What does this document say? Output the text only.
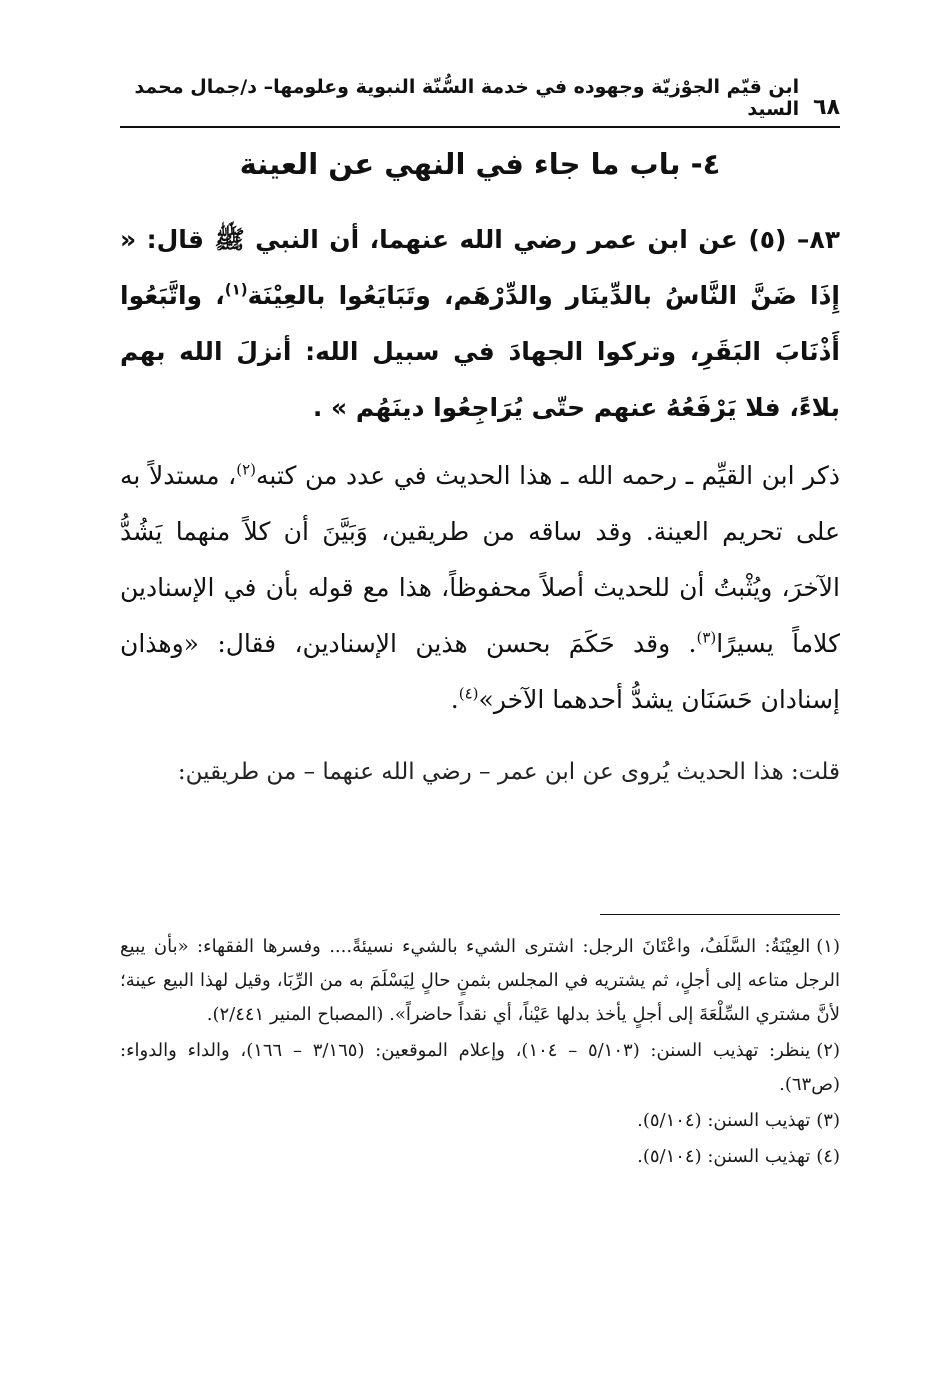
٦٨
ابن قيّم الجوْزيّة وجهوده في خدمة السُّنّة النبوية وعلومها– د/جمال محمد السيد
٤- باب ما جاء في النهي عن العينة

٨٣– (٥) عن ابن عمر رضي الله عنهما، أن النبي ﷺ قال: « إِذَا ضَنَّ النَّاسُ بالدِّينَار والدِّرْهَم، وتَبَايَعُوا بالعِيْنَة$^{(١)}$، واتَّبَعُوا أَذْنَابَ البَقَرِ، وتركوا الجهادَ في سبيل الله: أنزلَ الله بهم بلاءً، فلا يَرْفَعُهُ عنهم حتّى يُرَاجِعُوا دينَهُم » .

ذكر ابن القيِّم ـ رحمه الله ـ هذا الحديث في عدد من كتبه$^{(٢)}$، مستدلاً به على تحريم العينة. وقد ساقه من طريقين، وَبَيَّنَ أن كلاً منهما يَشُدُّ الآخرَ، ويُثْبتُ أن للحديث أصلاً محفوظاً، هذا مع قوله بأن في الإسنادين كلاماً يسيرًا$^{(٣)}$. وقد حَكَمَ بحسن هذين الإسنادين، فقال: «وهذان إسنادان حَسَنَان يشدُّ أحدهما الآخر»$^{(٤)}$.

قلت: هذا الحديث يُروى عن ابن عمر – رضي الله عنهما – من طريقين:

(١)العِيْنَةُ: السَّلَفُ، واعْتَانَ الرجل: اشترى الشيء بالشيء نسيئةً.... وفسرها الفقهاء: «بأن يبيع الرجل متاعه إلى أجلٍ، ثم يشتريه في المجلس بثمنٍ حالٍ لِيَسْلَمَ به من الرِّبَا، وقيل لهذا البيع عينة؛ لأنَّ مشتري السِّلْعَةَ إلى أجلٍ يأخذ بدلها عَيْناً، أي نقداً حاضراً». (المصباح المنير ٢/٤٤١).
(٢)ينظر: تهذيب السنن: (٥/١٠٣ – ١٠٤)، وإعلام الموقعين: (٣/١٦٥ – ١٦٦)، والداء والدواء: (ص٦٣).
(٣)تهذيب السنن: (٥/١٠٤).
(٤)تهذيب السنن: (٥/١٠٤).
